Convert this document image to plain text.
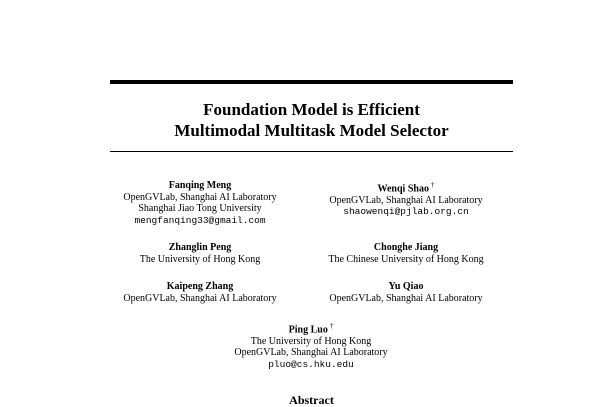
Foundation Model is Efficient
Multimodal Multitask Model Selector
Fanqing Meng
OpenGVLab, Shanghai AI Laboratory
Shanghai Jiao Tong University
mengfanqing33@gmail.com
Wenqi Shao †
OpenGVLab, Shanghai AI Laboratory
shaowenqi@pjlab.org.cn
Zhanglin Peng
The University of Hong Kong
Chonghe Jiang
The Chinese University of Hong Kong
Kaipeng Zhang
OpenGVLab, Shanghai AI Laboratory
Yu Qiao
OpenGVLab, Shanghai AI Laboratory
Ping Luo †
The University of Hong Kong
OpenGVLab, Shanghai AI Laboratory
pluo@cs.hku.edu
Abstract
